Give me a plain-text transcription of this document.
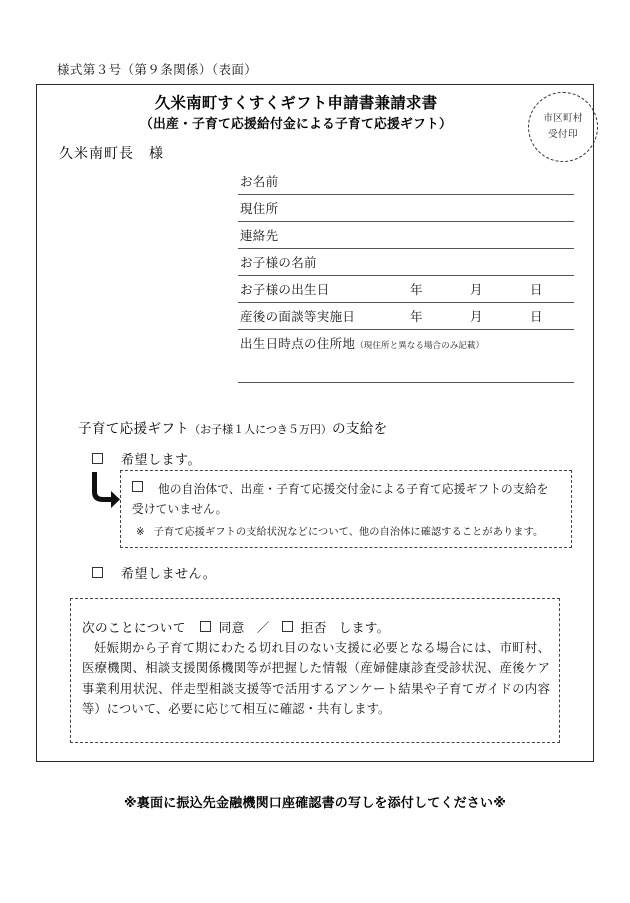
様式第３号（第９条関係）（表面）
久米南町すくすくギフト申請書兼請求書
（出産・子育て応援給付金による子育て応援ギフト）	市区町村
受付印
久米南町長　様
お名前
現住所
連絡先
お子様の名前
お子様の出生日	年	月	日
産後の面談等実施日	年	月	日
出生日時点の住所地（現住所と異なる場合のみ記載）
子育て応援ギフト（お子様１人につき５万円）の支給を
希望します。
他の自治体で、出産・子育て応援交付金による子育て応援ギフトの支給を
受けていません。
※ 子育て応援ギフトの支給状況などについて、他の自治体に確認することがあります。
希望しません。
次のことについて	同意 ／ 拒否 します。
妊娠期から子育て期にわたる切れ目のない支援に必要となる場合には、市町村、医療機関、相談支援関係機関等が把握した情報（産婦健康診査受診状況、産後ケア事業利用状況、伴走型相談支援等で活用するアンケート結果や子育てガイドの内容等）について、必要に応じて相互に確認・共有します。
※裏面に振込先金融機関口座確認書の写しを添付してください※
